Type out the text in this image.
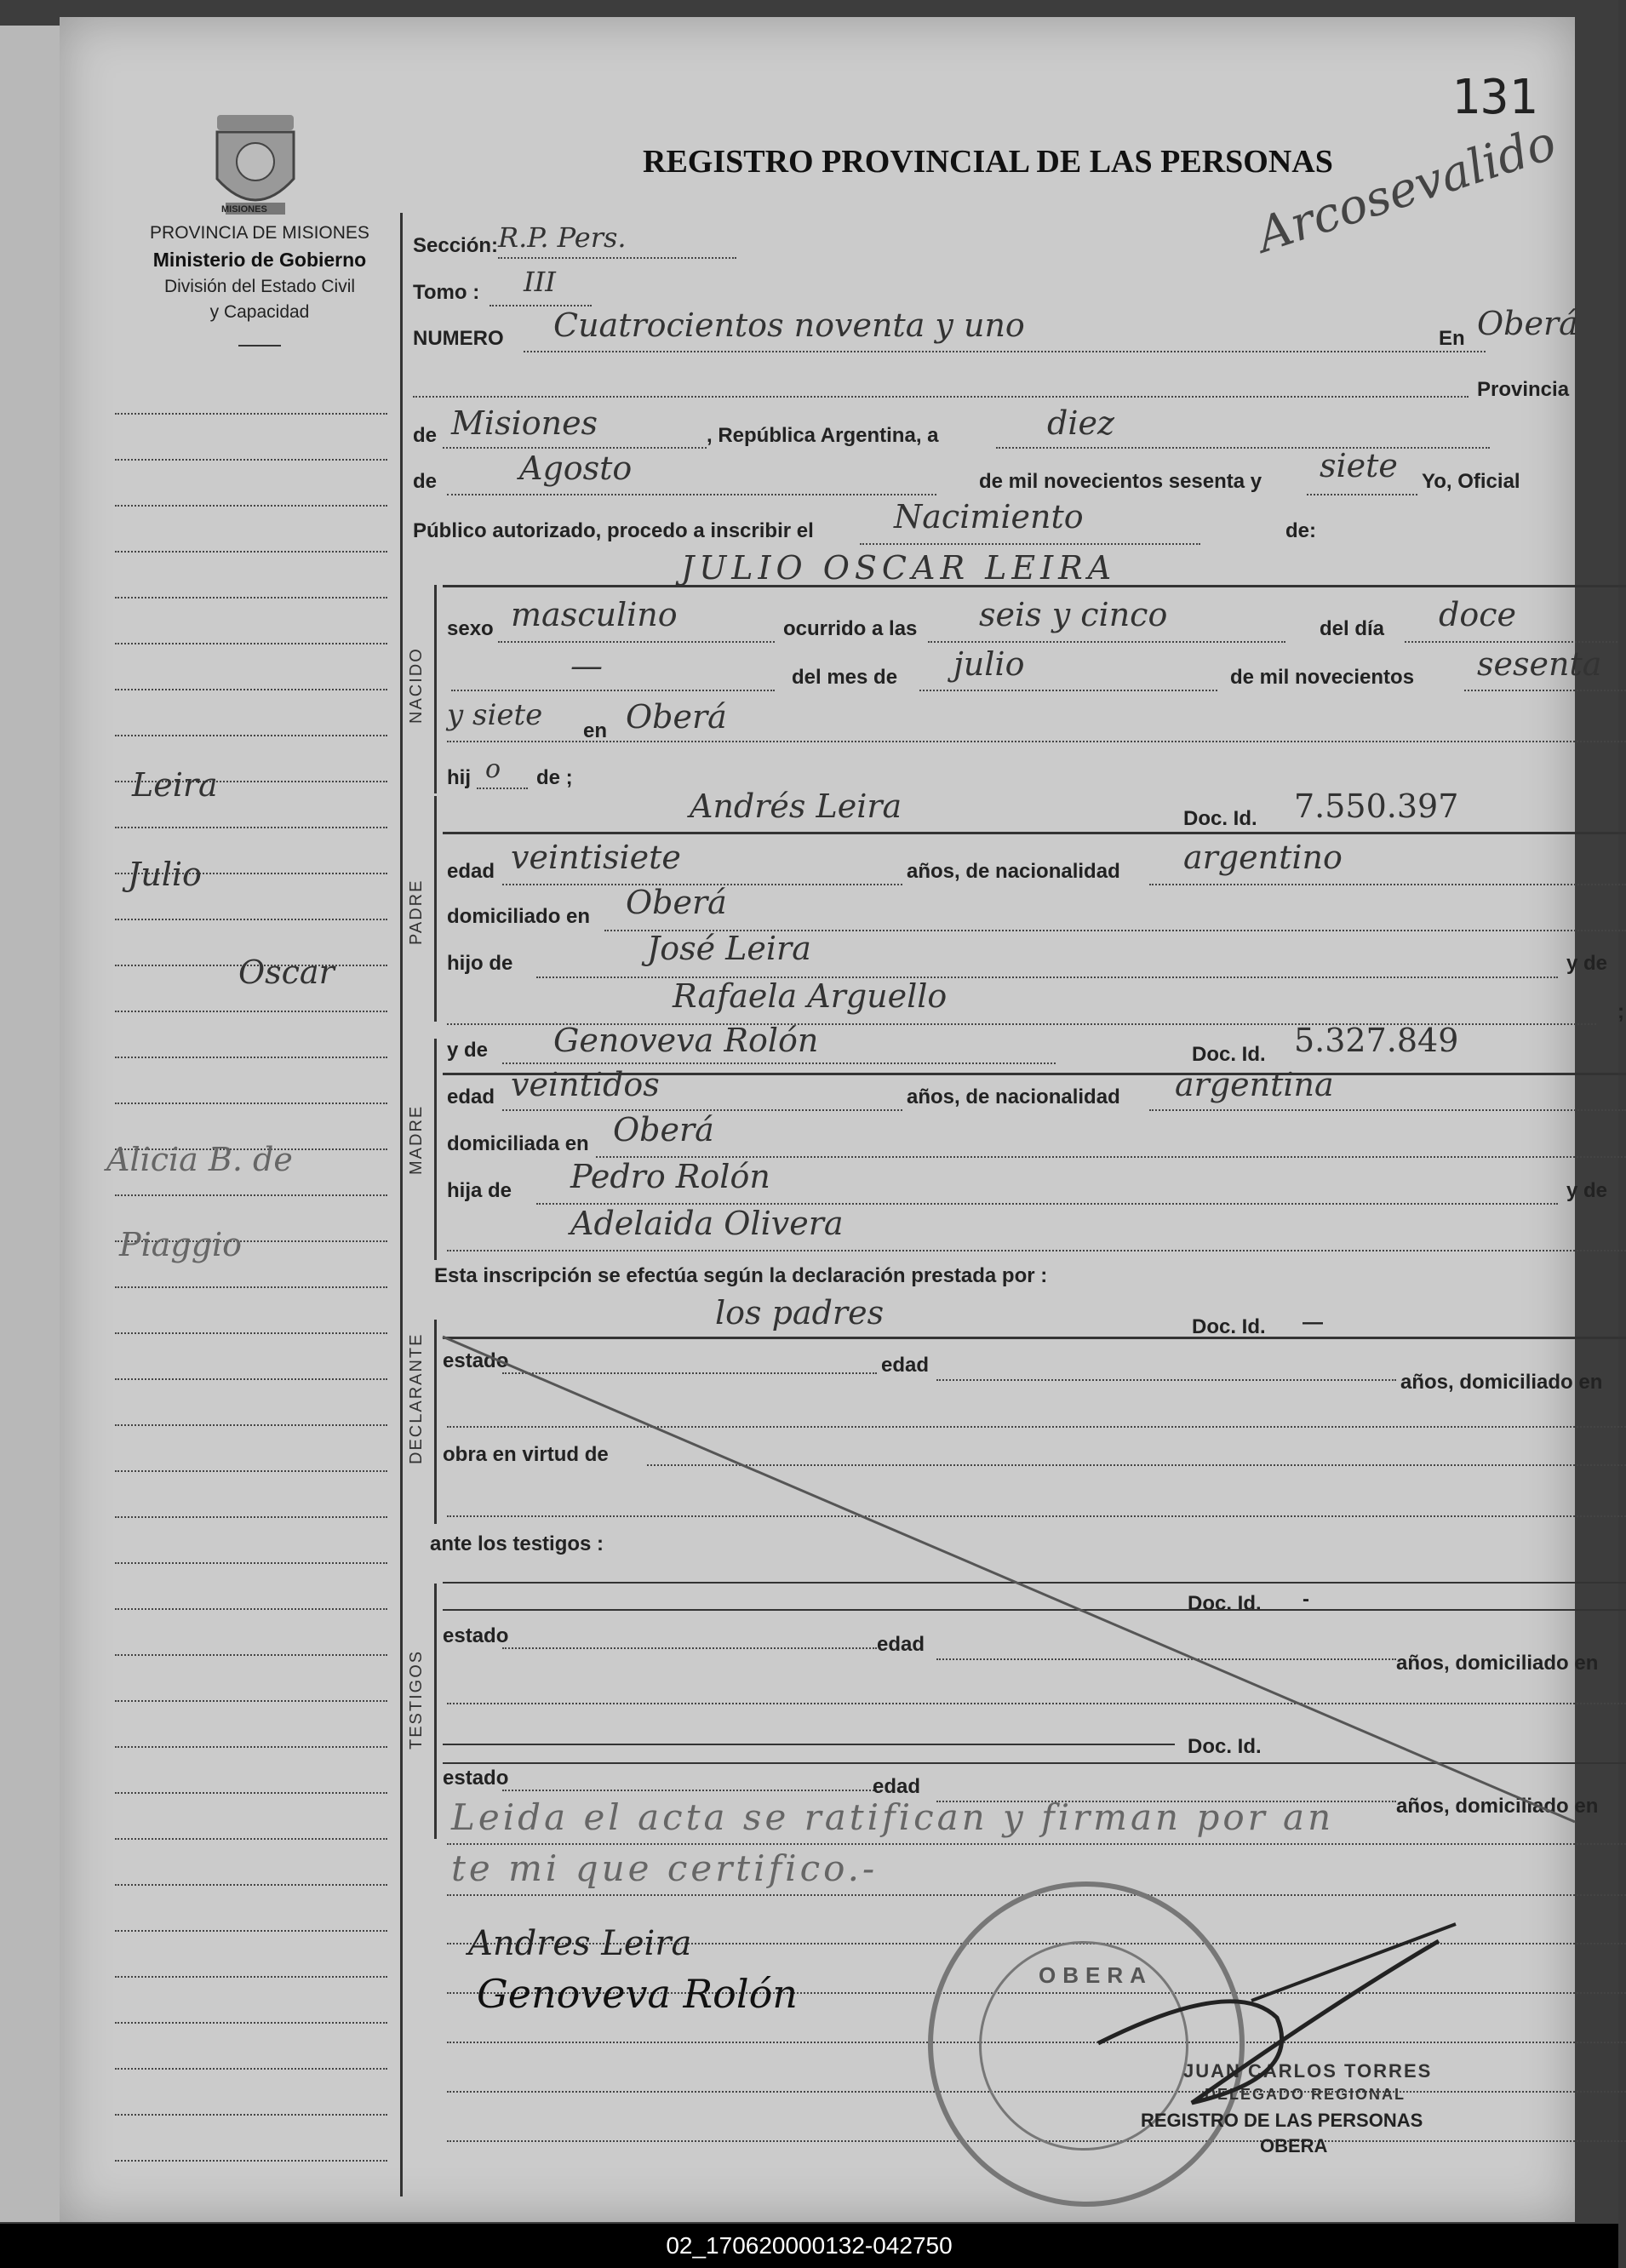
131
Arcosevalido
REGISTRO PROVINCIAL DE LAS PERSONAS
MISIONES
PROVINCIA DE MISIONES
Ministerio de Gobierno
División del Estado Civil
y Capacidad
Leira
Julio
Oscar
Alicia B. de
Piaggio
Sección: R.P. Pers.
Tomo : III
NUMERO Cuatrocientos noventa y uno	En Oberá
Provincia
de Misiones	, República Argentina, a	diez
de	Agosto	de mil novecientos sesenta y siete Yo, Oficial
Público autorizado, procedo a inscribir el Nacimiento	de:
JULIO OSCAR LEIRA
NACIDO
sexo masculino	ocurrido a las seis y cinco	del día doce
—	del mes de julio	de mil novecientos sesenta
y siete en Oberá
hij o de ;
Andrés Leira	Doc. Id. 7.550.397
PADRE
edad veintisiete	años, de nacionalidad argentino
domiciliado en Oberá
hijo de	José Leira	y de
Rafaela Arguello	;
y de Genoveva Rolón	Doc. Id. 5.327.849
MADRE
edad veintidos	años, de nacionalidad argentina
domiciliada en Oberá
hija de Pedro Rolón	y de
Adelaida Olivera
Esta inscripción se efectúa según la declaración prestada por :
los padres	Doc. Id. —
DECLARANTE estado	edad
años, domiciliado en
obra en virtud de
ante los testigos :
Doc. Id. -
TESTIGOS
estado	edad
años, domiciliado en
Doc. Id.
estado	edad
años, domiciliado en
Leida el acta se ratifican y firman por an
te mi que certifico.-
Andres Leira
Genoveva Rolón	OBERA
JUAN CARLOS TORRES
DELEGADO REGIONAL
REGISTRO DE LAS PERSONAS
OBERA
02_170620000132-042750
